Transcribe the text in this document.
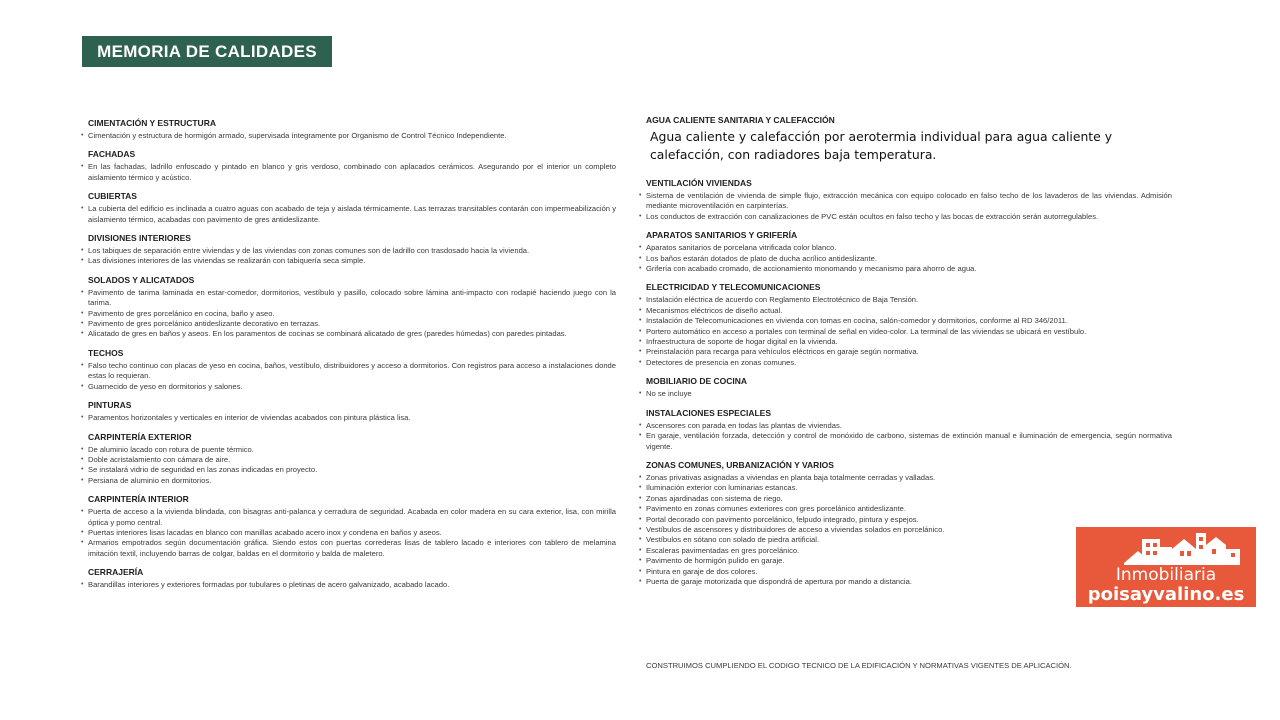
MEMORIA DE CALIDADES
CIMENTACIÓN Y ESTRUCTURA
• Cimentación y estructura de hormigón armado, supervisada íntegramente por Organismo de Control Técnico Independiente.
FACHADAS
• En las fachadas, ladrillo enfoscado y pintado en blanco y gris verdoso, combinado con aplacados cerámicos. Asegurando por el interior un completo aislamiento térmico y acústico.
CUBIERTAS
• La cubierta del edificio es inclinada a cuatro aguas con acabado de teja y aislada térmicamente. Las terrazas transitables contarán con impermeabilización y aislamiento térmico, acabadas con pavimento de gres antideslizante.
DIVISIONES INTERIORES
• Los tabiques de separación entre viviendas y de las viviendas con zonas comunes son de ladrillo con trasdosado hacia la vivienda.
• Las divisiones interiores de las viviendas se realizarán con tabiquería seca simple.
SOLADOS Y ALICATADOS
• Pavimento de tarima laminada en estar-comedor, dormitorios, vestíbulo y pasillo, colocado sobre lámina anti-impacto con rodapié haciendo juego con la tarima.
• Pavimento de gres porcelánico en cocina, baño y aseo.
• Pavimento de gres porcelánico antideslizante decorativo en terrazas.
• Alicatado de gres en baños y aseos. En los paramentos de cocinas se combinará alicatado de gres (paredes húmedas) con paredes pintadas.
TECHOS
• Falso techo continuo con placas de yeso en cocina, baños, vestíbulo, distribuidores y acceso a dormitorios. Con registros para acceso a instalaciones donde estas lo requieran.
• Guarnecido de yeso en dormitorios y salones.
PINTURAS
• Paramentos horizontales y verticales en interior de viviendas acabados con pintura plástica lisa.
CARPINTERÍA EXTERIOR
• De aluminio lacado con rotura de puente térmico.
• Doble acristalamiento con cámara de aire.
• Se instalará vidrio de seguridad en las zonas indicadas en proyecto.
• Persiana de aluminio en dormitorios.
CARPINTERÍA INTERIOR
• Puerta de acceso a la vivienda blindada, con bisagras anti-palanca y cerradura de seguridad. Acabada en color madera en su cara exterior, lisa, con mirilla óptica y pomo central.
• Puertas interiores lisas lacadas en blanco con manillas acabado acero inox y condena en baños y aseos.
• Armarios empotrados según documentación gráfica. Siendo estos con puertas correderas lisas de tablero lacado e interiores con tablero de melamina imitación textil, incluyendo barras de colgar, baldas en el dormitorio y balda de maletero.
CERRAJERÍA
• Barandillas interiores y exteriores formadas por tubulares o pletinas de acero galvanizado, acabado lacado.
AGUA CALIENTE SANITARIA Y CALEFACCIÓN
Agua caliente y calefacción por aerotermia individual para agua caliente y calefacción, con radiadores baja temperatura.
VENTILACIÓN VIVIENDAS
• Sistema de ventilación de vivienda de simple flujo, extracción mecánica con equipo colocado en falso techo de los lavaderos de las viviendas. Admisión mediante microventilación en carpinterías.
• Los conductos de extracción con canalizaciones de PVC están ocultos en falso techo y las bocas de extracción serán autorregulables.
APARATOS SANITARIOS Y GRIFERÍA
• Aparatos sanitarios de porcelana vitrificada color blanco.
• Los baños estarán dotados de plato de ducha acrílico antideslizante.
• Grifería con acabado cromado, de accionamiento monomando y mecanismo para ahorro de agua.
ELECTRICIDAD Y TELECOMUNICACIONES
• Instalación eléctrica de acuerdo con Reglamento Electrotécnico de Baja Tensión.
• Mecanismos eléctricos de diseño actual.
• Instalación de Telecomunicaciones en vivienda con tomas en cocina, salón-comedor y dormitorios, conforme al RD 346/2011.
• Portero automático en acceso a portales con terminal de señal en video-color. La terminal de las viviendas se ubicará en vestíbulo.
• Infraestructura de soporte de hogar digital en la vivienda.
• Preinstalación para recarga para vehículos eléctricos en garaje según normativa.
• Detectores de presencia en zonas comunes.
MOBILIARIO DE COCINA
• No se incluye
INSTALACIONES ESPECIALES
• Ascensores con parada en todas las plantas de viviendas.
• En garaje, ventilación forzada, detección y control de monóxido de carbono, sistemas de extinción manual e iluminación de emergencia, según normativa vigente.
ZONAS COMUNES, URBANIZACIÓN Y VARIOS
• Zonas privativas asignadas a viviendas en planta baja totalmente cerradas y valladas.
• Iluminación exterior con luminarias estancas.
• Zonas ajardinadas con sistema de riego.
• Pavimento en zonas comunes exteriores con gres porcelánico antideslizante.
• Portal decorado con pavimento porcelánico, felpudo integrado, pintura y espejos.
• Vestíbulos de ascensores y distribuidores de acceso a viviendas solados en porcelánico.
• Vestíbulos en sótano con solado de piedra artificial.
• Escaleras pavimentadas en gres porcelánico.
• Pavimento de hormigón pulido en garaje.
• Pintura en garaje de dos colores.
• Puerta de garaje motorizada que dispondrá de apertura por mando a distancia.
CONSTRUIMOS CUMPLIENDO EL CODIGO TECNICO DE LA EDIFICACIÓN Y NORMATIVAS VIGENTES DE APLICACIÓN.
Inmobiliaria
poisayvalino.es
